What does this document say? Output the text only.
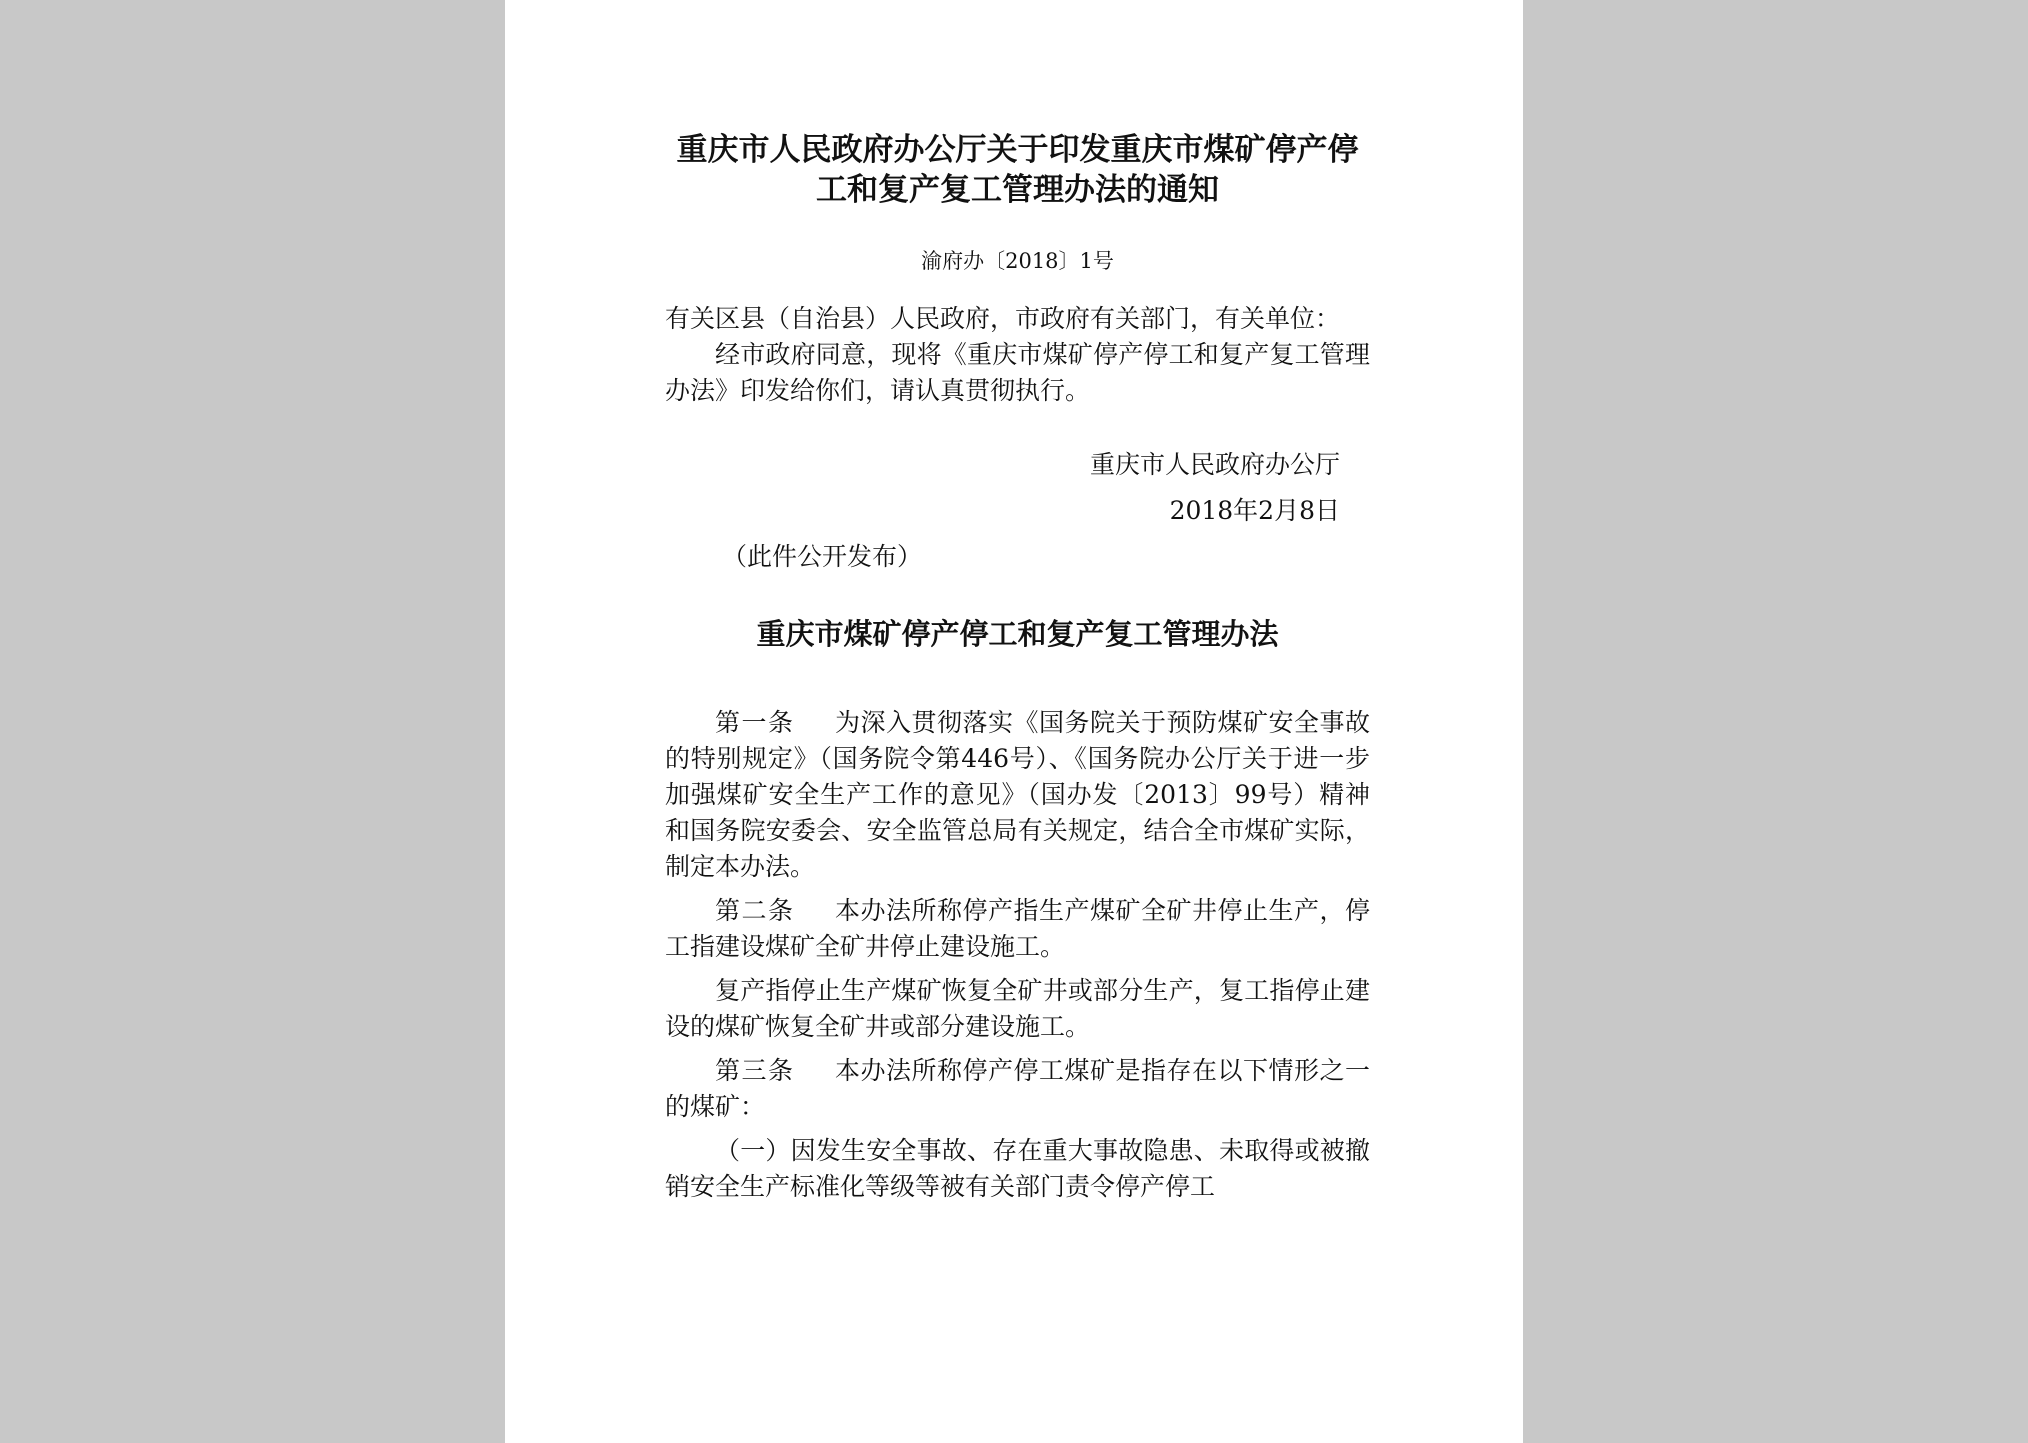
重庆市人民政府办公厅关于印发重庆市煤矿停产停
工和复产复工管理办法的通知
渝府办〔2018〕1号

有关区县（自治县）人民政府，市政府有关部门，有关单位：

经市政府同意，现将《重庆市煤矿停产停工和复产复工管理办法》印发给你们，请认真贯彻执行。

重庆市人民政府办公厅
2018年2月8日
（此件公开发布）
重庆市煤矿停产停工和复产复工管理办法

第一条 为深入贯彻落实《国务院关于预防煤矿安全事故的特别规定》（国务院令第446号）、《国务院办公厅关于进一步加强煤矿安全生产工作的意见》（国办发〔2013〕99号）精神和国务院安委会、安全监管总局有关规定，结合全市煤矿实际，制定本办法。

第二条 本办法所称停产指生产煤矿全矿井停止生产，停工指建设煤矿全矿井停止建设施工。

复产指停止生产煤矿恢复全矿井或部分生产，复工指停止建设的煤矿恢复全矿井或部分建设施工。

第三条 本办法所称停产停工煤矿是指存在以下情形之一的煤矿：

（一）因发生安全事故、存在重大事故隐患、未取得或被撤销安全生产标准化等级等被有关部门责令停产停工
